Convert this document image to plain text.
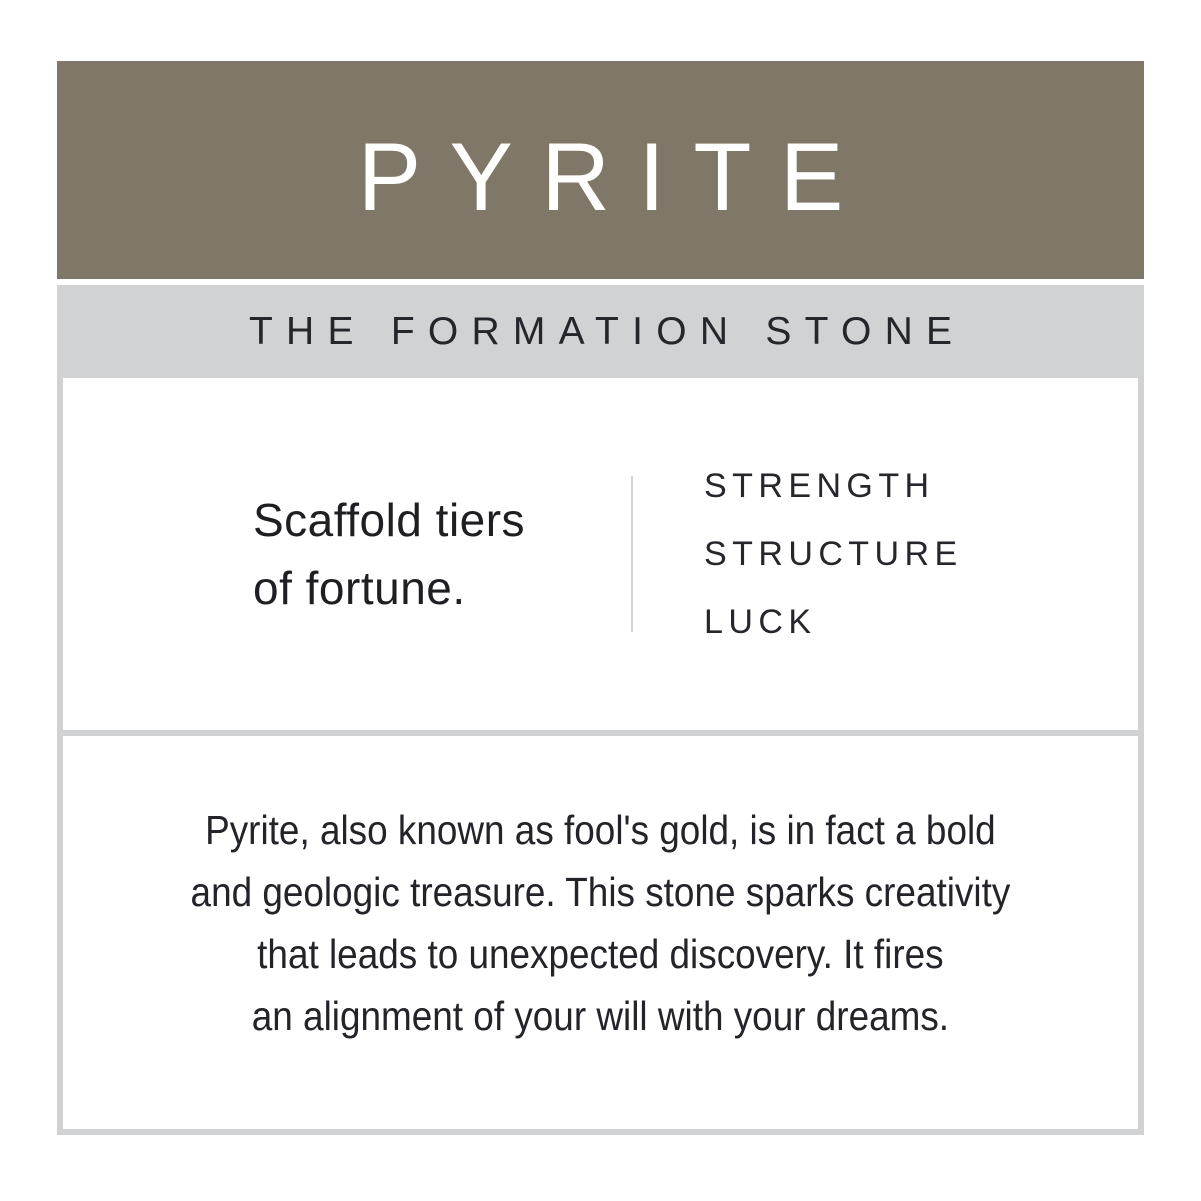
PYRITE
THE FORMATION STONE
Scaffold tiers
of fortune.
STRENGTH
STRUCTURE
LUCK
Pyrite, also known as fool's gold, is in fact a bold
and geologic treasure. This stone sparks creativity
that leads to unexpected discovery. It fires
an alignment of your will with your dreams.
